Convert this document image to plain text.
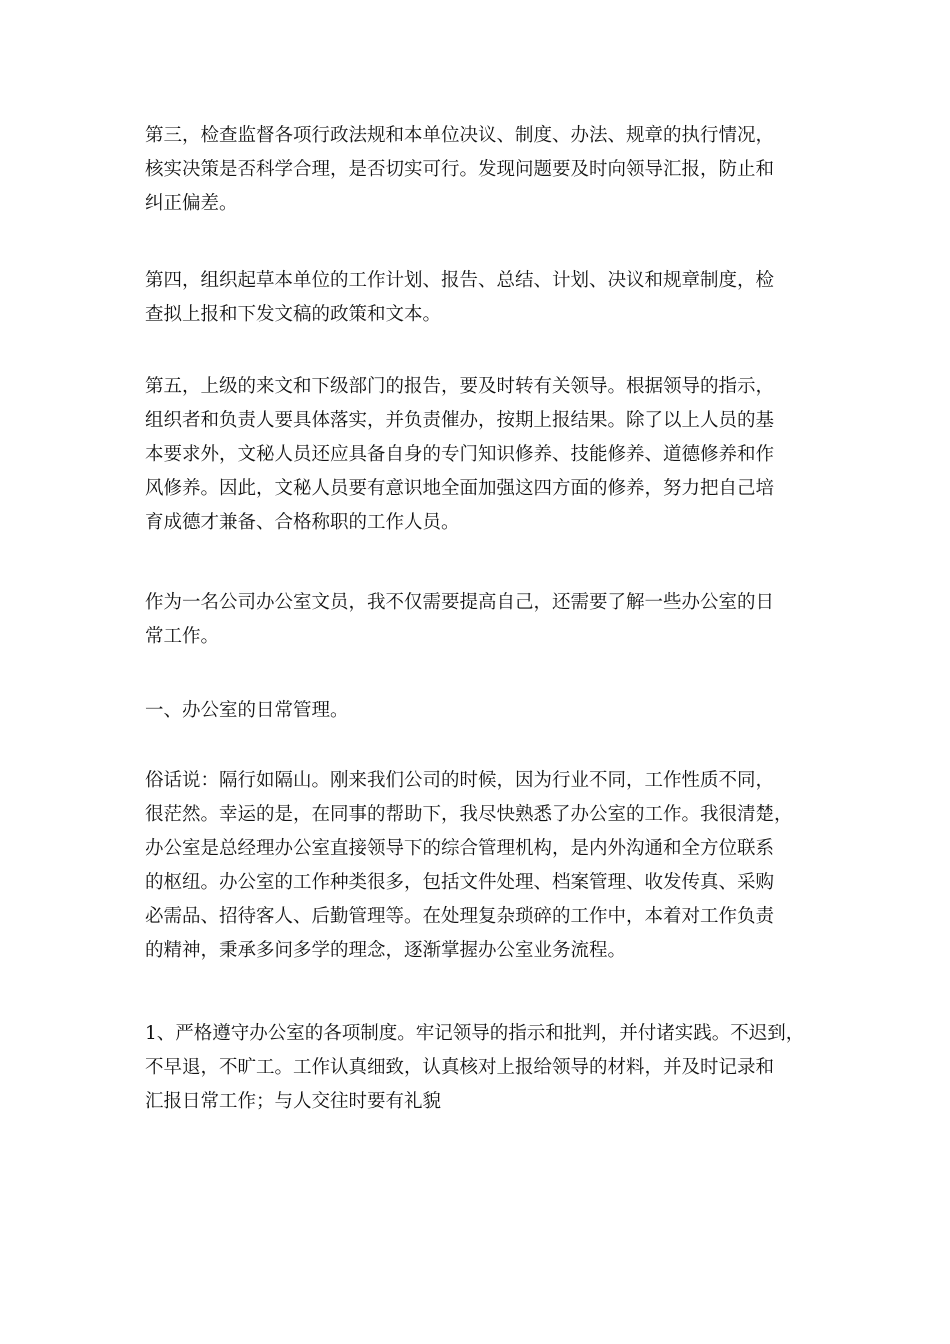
第三，检查监督各项行政法规和本单位决议、制度、办法、规章的执行情况，
核实决策是否科学合理，是否切实可行。发现问题要及时向领导汇报，防止和
纠正偏差。

第四，组织起草本单位的工作计划、报告、总结、计划、决议和规章制度，检
查拟上报和下发文稿的政策和文本。

第五，上级的来文和下级部门的报告，要及时转有关领导。根据领导的指示，
组织者和负责人要具体落实，并负责催办，按期上报结果。除了以上人员的基
本要求外，文秘人员还应具备自身的专门知识修养、技能修养、道德修养和作
风修养。因此，文秘人员要有意识地全面加强这四方面的修养，努力把自己培
育成德才兼备、合格称职的工作人员。

作为一名公司办公室文员，我不仅需要提高自己，还需要了解一些办公室的日
常工作。

一、办公室的日常管理。

俗话说：隔行如隔山。刚来我们公司的时候，因为行业不同，工作性质不同，
很茫然。幸运的是，在同事的帮助下，我尽快熟悉了办公室的工作。我很清楚，
办公室是总经理办公室直接领导下的综合管理机构，是内外沟通和全方位联系
的枢纽。办公室的工作种类很多，包括文件处理、档案管理、收发传真、采购
必需品、招待客人、后勤管理等。在处理复杂琐碎的工作中，本着对工作负责
的精神，秉承多问多学的理念，逐渐掌握办公室业务流程。

1、严格遵守办公室的各项制度。牢记领导的指示和批判，并付诸实践。不迟到，
不早退，不旷工。工作认真细致，认真核对上报给领导的材料，并及时记录和
汇报日常工作；与人交往时要有礼貌
